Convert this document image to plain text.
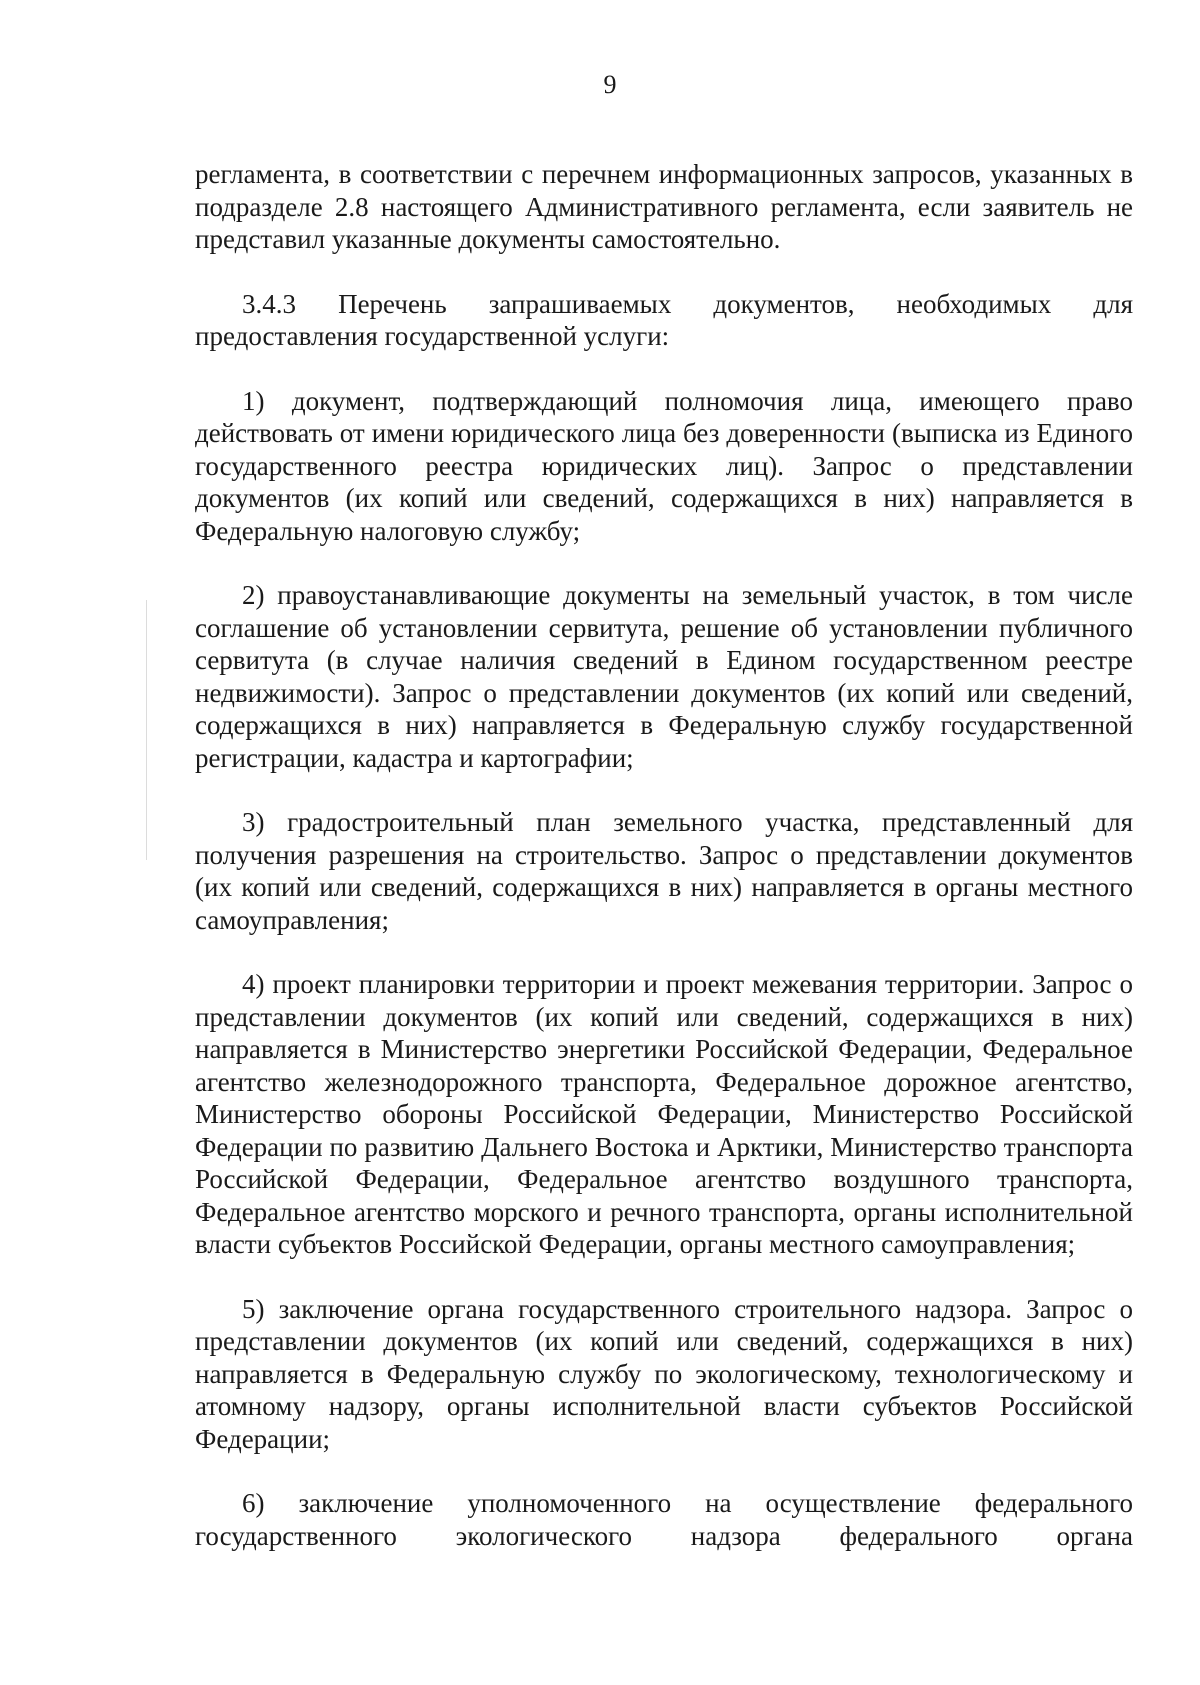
9

регламента, в соответствии с перечнем информационных запросов, указанных в подразделе 2.8 настоящего Административного регламента, если заявитель не представил указанные документы самостоятельно.

3.4.3 Перечень запрашиваемых документов, необходимых для предоставления государственной услуги:

1) документ, подтверждающий полномочия лица, имеющего право действовать от имени юридического лица без доверенности (выписка из Единого государственного реестра юридических лиц). Запрос о представлении документов (их копий или сведений, содержащихся в них) направляется в Федеральную налоговую службу;

2) правоустанавливающие документы на земельный участок, в том числе соглашение об установлении сервитута, решение об установлении публичного сервитута (в случае наличия сведений в Едином государственном реестре недвижимости). Запрос о представлении документов (их копий или сведений, содержащихся в них) направляется в Федеральную службу государственной регистрации, кадастра и картографии;

3) градостроительный план земельного участка, представленный для получения разрешения на строительство. Запрос о представлении документов (их копий или сведений, содержащихся в них) направляется в органы местного самоуправления;

4) проект планировки территории и проект межевания территории. Запрос о представлении документов (их копий или сведений, содержащихся в них) направляется в Министерство энергетики Российской Федерации, Федеральное агентство железнодорожного транспорта, Федеральное дорожное агентство, Министерство обороны Российской Федерации, Министерство Российской Федерации по развитию Дальнего Востока и Арктики, Министерство транспорта Российской Федерации, Федеральное агентство воздушного транспорта, Федеральное агентство морского и речного транспорта, органы исполнительной власти субъектов Российской Федерации, органы местного самоуправления;

5) заключение органа государственного строительного надзора. Запрос о представлении документов (их копий или сведений, содержащихся в них) направляется в Федеральную службу по экологическому, технологическому и атомному надзору, органы исполнительной власти субъектов Российской Федерации;

6) заключение уполномоченного на осуществление федерального государственного экологического надзора федерального органа
